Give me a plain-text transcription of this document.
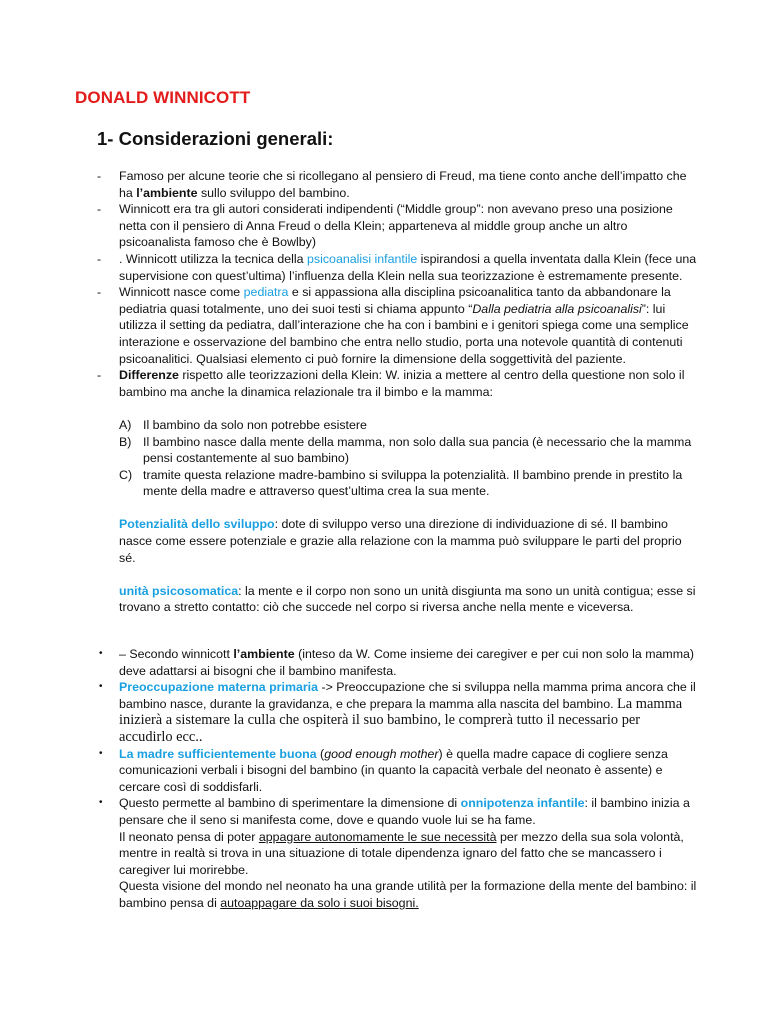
DONALD WINNICOTT
1- Considerazioni generali:
- Famoso per alcune teorie che si ricollegano al pensiero di Freud, ma tiene conto anche dell’impatto che ha l’ambiente sullo sviluppo del bambino.
- Winnicott era tra gli autori considerati indipendenti (“Middle group”: non avevano preso una posizione netta con il pensiero di Anna Freud o della Klein; apparteneva al middle group anche un altro psicoanalista famoso che è Bowlby)
- . Winnicott utilizza la tecnica della psicoanalisi infantile ispirandosi a quella inventata dalla Klein (fece una supervisione con quest’ultima) l’influenza della Klein nella sua teorizzazione è estremamente presente.
- Winnicott nasce come pediatra e si appassiona alla disciplina psicoanalitica tanto da abbandonare la pediatria quasi totalmente, uno dei suoi testi si chiama appunto “Dalla pediatria alla psicoanalisi”: lui utilizza il setting da pediatra, dall’interazione che ha con i bambini e i genitori spiega come una semplice interazione e osservazione del bambino che entra nello studio, porta una notevole quantità di contenuti psicoanalitici. Qualsiasi elemento ci può fornire la dimensione della soggettività del paziente.
- Differenze rispetto alle teorizzazioni della Klein: W. inizia a mettere al centro della questione non solo il bambino ma anche la dinamica relazionale tra il bimbo e la mamma:
A) Il bambino da solo non potrebbe esistere
B) Il bambino nasce dalla mente della mamma, non solo dalla sua pancia (è necessario che la mamma pensi costantemente al suo bambino)
C) tramite questa relazione madre-bambino si sviluppa la potenzialità. Il bambino prende in prestito la mente della madre e attraverso quest’ultima crea la sua mente.
Potenzialità dello sviluppo: dote di sviluppo verso una direzione di individuazione di sé. Il bambino nasce come essere potenziale e grazie alla relazione con la mamma può sviluppare le parti del proprio sé.
unità psicosomatica: la mente e il corpo non sono un unità disgiunta ma sono un unità contigua; esse si trovano a stretto contatto: ciò che succede nel corpo si riversa anche nella mente e viceversa.
• – Secondo winnicott l’ambiente (inteso da W. Come insieme dei caregiver e per cui non solo la mamma) deve adattarsi ai bisogni che il bambino manifesta.
• Preoccupazione materna primaria -> Preoccupazione che si sviluppa nella mamma prima ancora che il bambino nasce, durante la gravidanza, e che prepara la mamma alla nascita del bambino. La mamma inizierà a sistemare la culla che ospiterà il suo bambino, le comprerà tutto il necessario per accudirlo ecc..
• La madre sufficientemente buona (good enough mother) è quella madre capace di cogliere senza comunicazioni verbali i bisogni del bambino (in quanto la capacità verbale del neonato è assente) e cercare così di soddisfarli.
• Questo permette al bambino di sperimentare la dimensione di onnipotenza infantile: il bambino inizia a pensare che il seno si manifesta come, dove e quando vuole lui se ha fame.
Il neonato pensa di poter appagare autonomamente le sue necessità per mezzo della sua sola volontà, mentre in realtà si trova in una situazione di totale dipendenza ignaro del fatto che se mancassero i caregiver lui morirebbe.
Questa visione del mondo nel neonato ha una grande utilità per la formazione della mente del bambino: il bambino pensa di autoappagare da solo i suoi bisogni.
